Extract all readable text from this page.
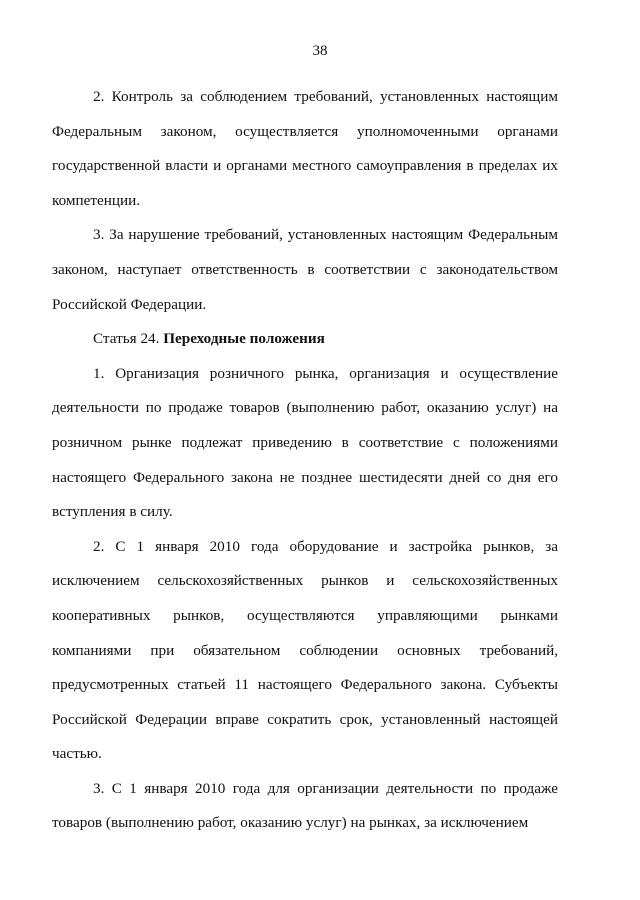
38

2. Контроль за соблюдением требований, установленных настоящим Федеральным законом, осуществляется уполномоченными органами государственной власти и органами местного самоуправления в пределах их компетенции.

3. За нарушение требований, установленных настоящим Федеральным законом, наступает ответственность в соответствии с законодательством Российской Федерации.

Статья 24. Переходные положения

1. Организация розничного рынка, организация и осуществление деятельности по продаже товаров (выполнению работ, оказанию услуг) на розничном рынке подлежат приведению в соответствие с положениями настоящего Федерального закона не позднее шестидесяти дней со дня его вступления в силу.

2. С 1 января 2010 года оборудование и застройка рынков, за исключением сельскохозяйственных рынков и сельскохозяйственных кооперативных рынков, осуществляются управляющими рынками компаниями при обязательном соблюдении основных требований, предусмотренных статьей 11 настоящего Федерального закона. Субъекты Российской Федерации вправе сократить срок, установленный настоящей частью.

3. С 1 января 2010 года для организации деятельности по продаже товаров (выполнению работ, оказанию услуг) на рынках, за исключением
